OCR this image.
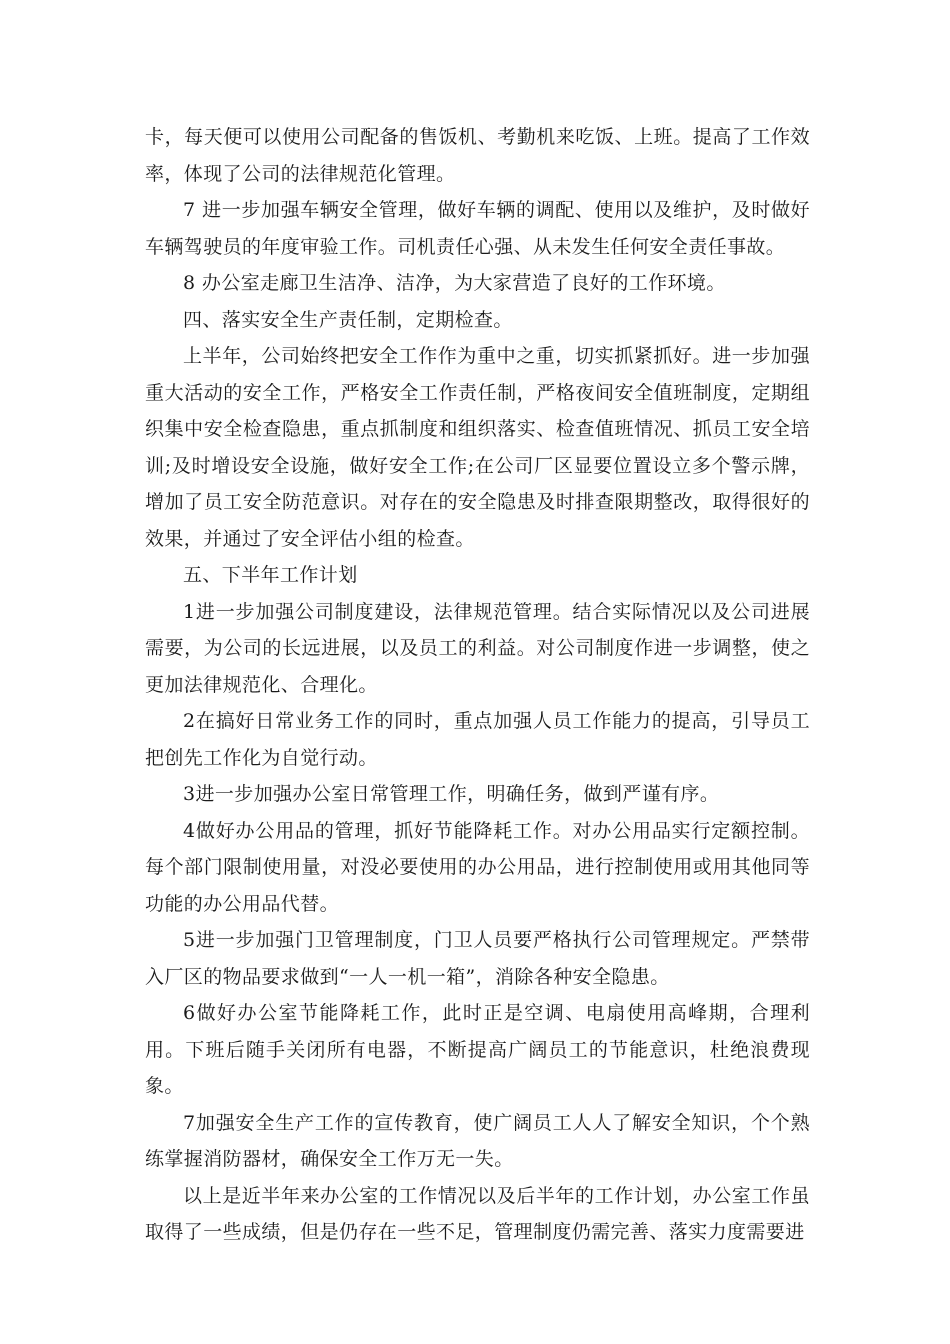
卡，每天便可以使用公司配备的售饭机、考勤机来吃饭、上班。提高了工作效率，体现了公司的法律规范化管理。

7 进一步加强车辆安全管理，做好车辆的调配、使用以及维护，及时做好车辆驾驶员的年度审验工作。司机责任心强、从未发生任何安全责任事故。

8 办公室走廊卫生洁净、洁净，为大家营造了良好的工作环境。

四、落实安全生产责任制，定期检查。

上半年，公司始终把安全工作作为重中之重，切实抓紧抓好。进一步加强重大活动的安全工作，严格安全工作责任制，严格夜间安全值班制度，定期组织集中安全检查隐患，重点抓制度和组织落实、检查值班情况、抓员工安全培训;及时增设安全设施，做好安全工作;在公司厂区显要位置设立多个警示牌，增加了员工安全防范意识。对存在的安全隐患及时排查限期整改，取得很好的效果，并通过了安全评估小组的检查。

五、下半年工作计划

1进一步加强公司制度建设，法律规范管理。结合实际情况以及公司进展需要，为公司的长远进展，以及员工的利益。对公司制度作进一步调整，使之更加法律规范化、合理化。

2在搞好日常业务工作的同时，重点加强人员工作能力的提高，引导员工把创先工作化为自觉行动。

3进一步加强办公室日常管理工作，明确任务，做到严谨有序。

4做好办公用品的管理，抓好节能降耗工作。对办公用品实行定额控制。每个部门限制使用量，对没必要使用的办公用品，进行控制使用或用其他同等功能的办公用品代替。

5进一步加强门卫管理制度，门卫人员要严格执行公司管理规定。严禁带入厂区的物品要求做到“一人一机一箱”，消除各种安全隐患。

6做好办公室节能降耗工作，此时正是空调、电扇使用高峰期，合理利用。下班后随手关闭所有电器，不断提高广阔员工的节能意识，杜绝浪费现象。

7加强安全生产工作的宣传教育，使广阔员工人人了解安全知识，个个熟练掌握消防器材，确保安全工作万无一失。

以上是近半年来办公室的工作情况以及后半年的工作计划，办公室工作虽取得了一些成绩，但是仍存在一些不足，管理制度仍需完善、落实力度需要进
